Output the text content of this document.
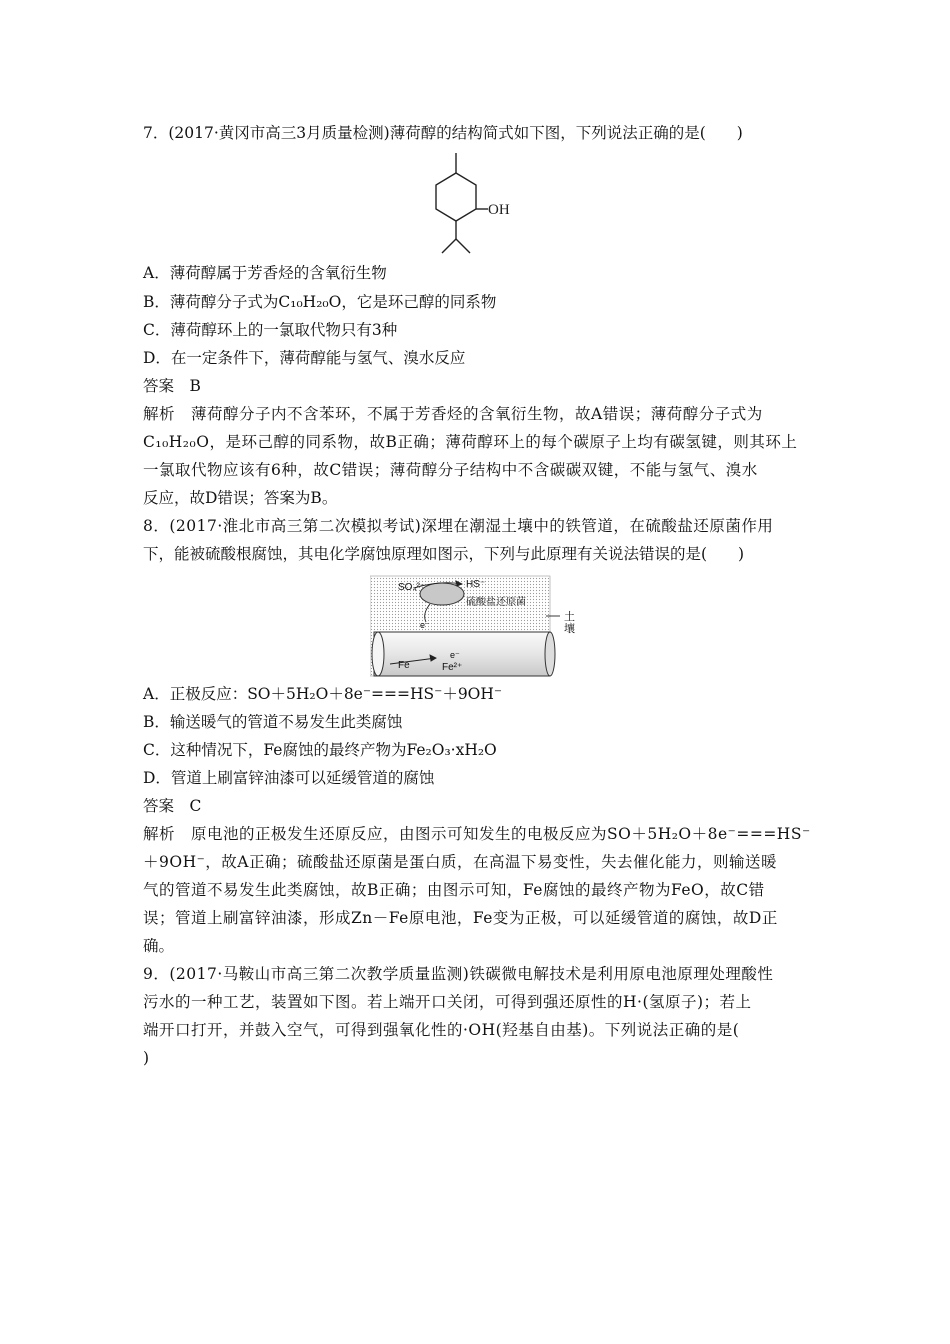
7．(2017·黄冈市高三3月质量检测)薄荷醇的结构简式如下图，下列说法正确的是(　　)
OH
A．薄荷醇属于芳香烃的含氧衍生物
B．薄荷醇分子式为C₁₀H₂₀O，它是环己醇的同系物
C．薄荷醇环上的一氯取代物只有3种
D．在一定条件下，薄荷醇能与氢气、溴水反应
答案　B
解析　薄荷醇分子内不含苯环，不属于芳香烃的含氧衍生物，故A错误；薄荷醇分子式为
C₁₀H₂₀O，是环己醇的同系物，故B正确；薄荷醇环上的每个碳原子上均有碳氢键，则其环上
一氯取代物应该有6种，故C错误；薄荷醇分子结构中不含碳碳双键，不能与氢气、溴水
反应，故D错误；答案为B。
8．(2017·淮北市高三第二次模拟考试)深埋在潮湿土壤中的铁管道，在硫酸盐还原菌作用
下，能被硫酸根腐蚀，其电化学腐蚀原理如图示，下列与此原理有关说法错误的是(　　)
SO₄²⁻	HS⁻
硫酸盐还原菌
e⁻
土
壤
Fe
e⁻
Fe²⁺
A．正极反应：SO＋5H₂O＋8e⁻===HS⁻＋9OH⁻
B．输送暖气的管道不易发生此类腐蚀
C．这种情况下，Fe腐蚀的最终产物为Fe₂O₃·xH₂O
D．管道上刷富锌油漆可以延缓管道的腐蚀
答案　C
解析　原电池的正极发生还原反应，由图示可知发生的电极反应为SO＋5H₂O＋8e⁻===HS⁻
＋9OH⁻，故A正确；硫酸盐还原菌是蛋白质，在高温下易变性，失去催化能力，则输送暖
气的管道不易发生此类腐蚀，故B正确；由图示可知，Fe腐蚀的最终产物为FeO，故C错
误；管道上刷富锌油漆，形成Zn－Fe原电池，Fe变为正极，可以延缓管道的腐蚀，故D正
确。
9．(2017·马鞍山市高三第二次教学质量监测)铁碳微电解技术是利用原电池原理处理酸性
污水的一种工艺，装置如下图。若上端开口关闭，可得到强还原性的H·(氢原子)；若上
端开口打开，并鼓入空气，可得到强氧化性的·OH(羟基自由基)。下列说法正确的是(
)
